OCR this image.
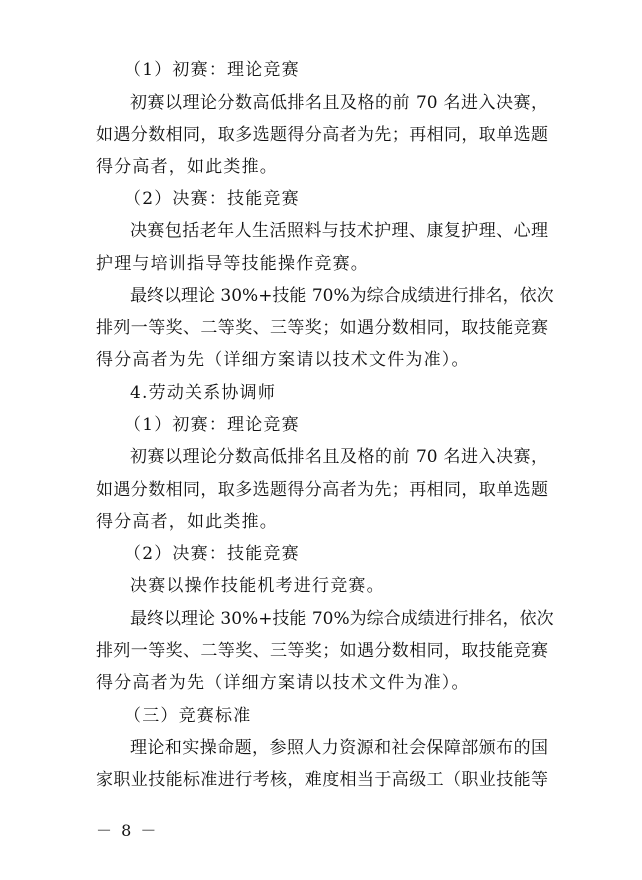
（1）初赛：理论竞赛
初赛以理论分数高低排名且及格的前 70 名进入决赛，
如遇分数相同，取多选题得分高者为先；再相同，取单选题
得分高者，如此类推。
（2）决赛：技能竞赛
决赛包括老年人生活照料与技术护理、康复护理、心理
护理与培训指导等技能操作竞赛。
最终以理论 30%+技能 70%为综合成绩进行排名，依次
排列一等奖、二等奖、三等奖；如遇分数相同，取技能竞赛
得分高者为先（详细方案请以技术文件为准）。
4.劳动关系协调师
（1）初赛：理论竞赛
初赛以理论分数高低排名且及格的前 70 名进入决赛，
如遇分数相同，取多选题得分高者为先；再相同，取单选题
得分高者，如此类推。
（2）决赛：技能竞赛
决赛以操作技能机考进行竞赛。
最终以理论 30%+技能 70%为综合成绩进行排名，依次
排列一等奖、二等奖、三等奖；如遇分数相同，取技能竞赛
得分高者为先（详细方案请以技术文件为准）。
（三）竞赛标准
理论和实操命题，参照人力资源和社会保障部颁布的国
家职业技能标准进行考核，难度相当于高级工（职业技能等
－ 8 －
